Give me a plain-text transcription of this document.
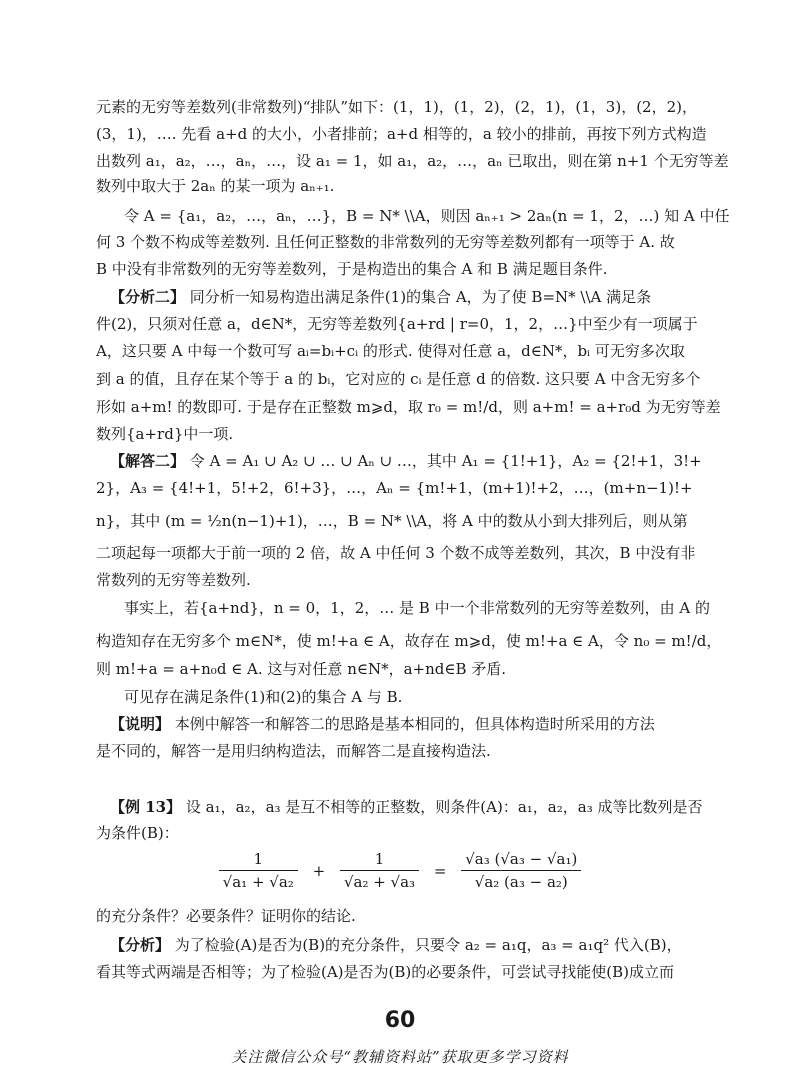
元素的无穷等差数列(非常数列)“排队”如下：(1，1)，(1，2)，(2，1)，(1，3)，(2，2)，
(3，1)，…. 先看 a+d 的大小，小者排前；a+d 相等的，a 较小的排前，再按下列方式构造
出数列 a₁，a₂，…，aₙ，…，设 a₁ = 1，如 a₁，a₂，…，aₙ 已取出，则在第 n+1 个无穷等差
数列中取大于 2aₙ 的某一项为 aₙ₊₁.
令 A = {a₁，a₂，…，aₙ，…}，B = N* \\A，则因 aₙ₊₁ > 2aₙ(n = 1，2，…) 知 A 中任
何 3 个数不构成等差数列. 且任何正整数的非常数列的无穷等差数列都有一项等于 A. 故
B 中没有非常数列的无穷等差数列，于是构造出的集合 A 和 B 满足题目条件.
【分析二】 同分析一知易构造出满足条件(1)的集合 A，为了使 B=N* \\A 满足条
件(2)，只须对任意 a，d∈N*，无穷等差数列{a+rd | r=0，1，2，…}中至少有一项属于
A，这只要 A 中每一个数可写 aᵢ=bᵢ+cᵢ 的形式. 使得对任意 a，d∈N*，bᵢ 可无穷多次取
到 a 的值，且存在某个等于 a 的 bᵢ，它对应的 cᵢ 是任意 d 的倍数. 这只要 A 中含无穷多个
形如 a+m! 的数即可. 于是存在正整数 m⩾d，取 r₀ = m!/d，则 a+m! = a+r₀d 为无穷等差
数列{a+rd}中一项.
【解答二】 令 A = A₁ ∪ A₂ ∪ … ∪ Aₙ ∪ …，其中 A₁ = {1!+1}，A₂ = {2!+1，3!+
2}，A₃ = {4!+1，5!+2，6!+3}，…，Aₙ = {m!+1，(m+1)!+2，…，(m+n−1)!+
n}，其中 (m = ½n(n−1)+1)，…，B = N* \\A，将 A 中的数从小到大排列后，则从第
二项起每一项都大于前一项的 2 倍，故 A 中任何 3 个数不成等差数列，其次，B 中没有非
常数列的无穷等差数列.
事实上，若{a+nd}，n = 0，1，2，… 是 B 中一个非常数列的无穷等差数列，由 A 的
构造知存在无穷多个 m∈N*，使 m!+a ∈ A，故存在 m⩾d，使 m!+a ∈ A，令 n₀ = m!/d，
则 m!+a = a+n₀d ∈ A. 这与对任意 n∈N*，a+nd∈B 矛盾.
可见存在满足条件(1)和(2)的集合 A 与 B.
【说明】 本例中解答一和解答二的思路是基本相同的，但具体构造时所采用的方法
是不同的，解答一是用归纳构造法，而解答二是直接构造法.
【例 13】 设 a₁，a₂，a₃ 是互不相等的正整数，则条件(A)：a₁，a₂，a₃ 成等比数列是否
为条件(B)：
$\frac{1}{\text{√a₁ + √a₂}} + \frac{1}{\text{√a₂ + √a₃}} = \frac{\text{√a₃ (√a₃ − √a₁)}}{\text{√a₂ (a₃ − a₂)}}$
的充分条件？必要条件？证明你的结论.
【分析】 为了检验(A)是否为(B)的充分条件，只要令 a₂ = a₁q，a₃ = a₁q² 代入(B)，
看其等式两端是否相等；为了检验(A)是否为(B)的必要条件，可尝试寻找能使(B)成立而
60
关注微信公众号“教辅资料站”获取更多学习资料
